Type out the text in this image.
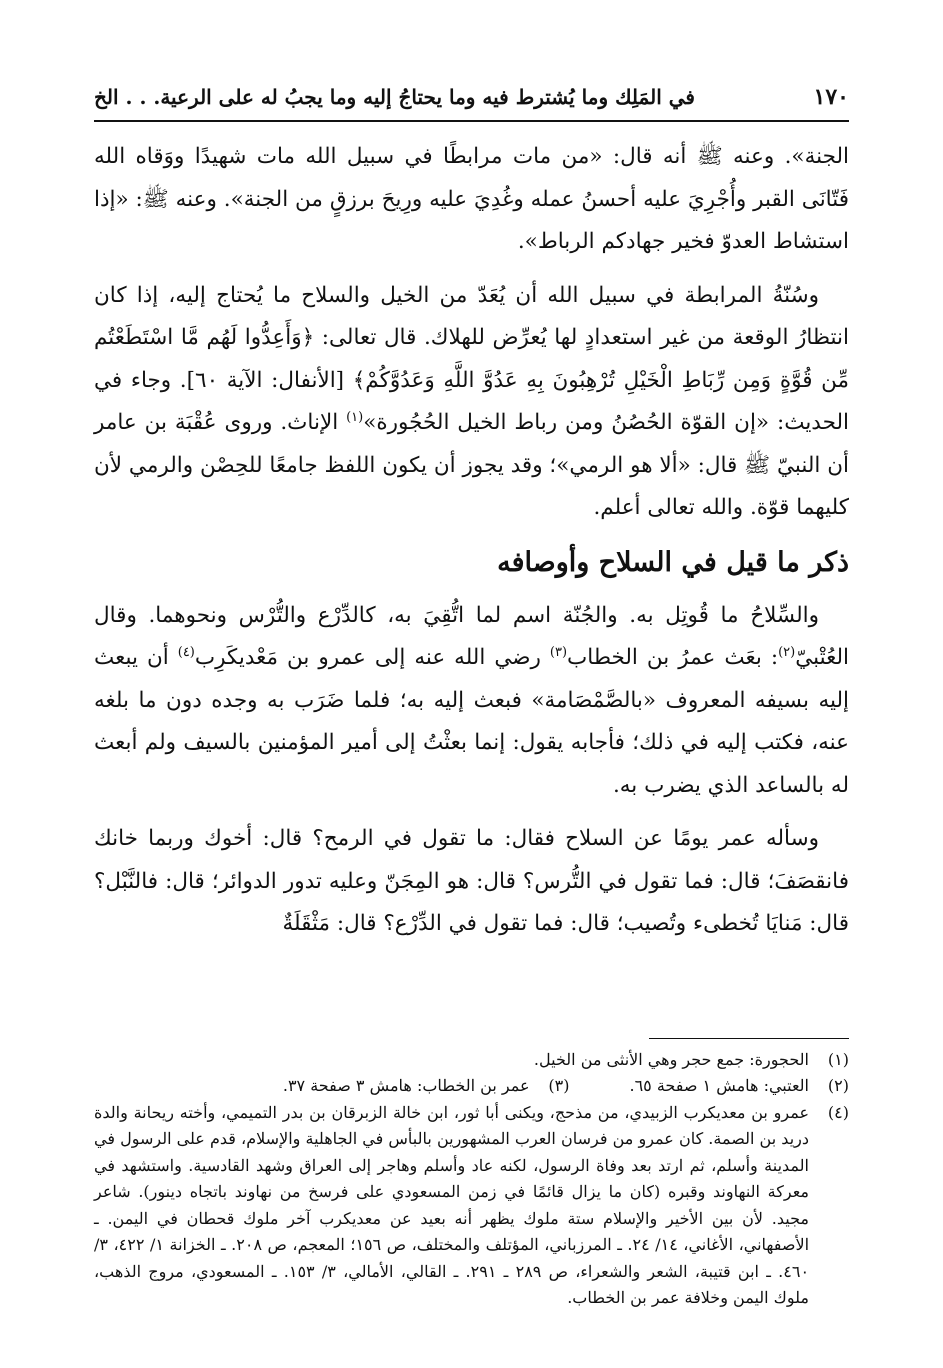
١٧٠
في المَلِك وما يُشترط فيه وما يحتاجُ إليه وما يجبُ له على الرعية. . . الخ

الجنة». وعنه ﷺ أنه قال: «من مات مرابطًا في سبيل الله مات شهيدًا ووَقاه الله فَتّانَى القبر وأُجْرِيَ عليه أحسنُ عمله وغُدِيَ عليه ورِيحَ برزقٍ من الجنة». وعنه ﷺ: «إذا استشاط العدوّ فخير جهادكم الرباط».

وسُنّةُ المرابطة في سبيل الله أن يُعَدّ من الخيل والسلاح ما يُحتاج إليه، إذا كان انتظارُ الوقعة من غير استعدادٍ لها يُعرِّض للهلاك. قال تعالى: ﴿وَأَعِدُّوا لَهُم مَّا اسْتَطَعْتُم مِّن قُوَّةٍ وَمِن رِّبَاطِ الْخَيْلِ تُرْهِبُونَ بِهِ عَدُوَّ اللَّهِ وَعَدُوَّكُمْ﴾ [الأنفال: الآية ٦٠]. وجاء في الحديث: «إن القوّة الحُصُنُ ومن رباط الخيل الحُجُورة»$^{(١)}$ الإناث. وروى عُقْبَة بن عامر أن النبيّ ﷺ قال: «ألا هو الرمي»؛ وقد يجوز أن يكون اللفظ جامعًا للحِصْن والرمي لأن كليهما قوّة. والله تعالى أعلم.

ذكر ما قيل في السلاح وأوصافه

والسِّلاحُ ما قُوتِل به. والجُنّة اسم لما اتُّقِيَ به، كالدِّرْع والتُّرْس ونحوهما. وقال العُتْبيّ$^{(٢)}$: بعَث عمرُ بن الخطاب$^{(٣)}$ رضي الله عنه إلى عمرو بن مَعْديكَرِب$^{(٤)}$ أن يبعث إليه بسيفه المعروف «بالصَّمْصَامة» فبعث إليه به؛ فلما ضَرَب به وجده دون ما بلغه عنه، فكتب إليه في ذلك؛ فأجابه يقول: إنما بعثْتُ إلى أمير المؤمنين بالسيف ولم أبعث له بالساعد الذي يضرب به.

وسأله عمر يومًا عن السلاح فقال: ما تقول في الرمح؟ قال: أخوك وربما خانك فانقصَفَ؛ قال: فما تقول في التُّرس؟ قال: هو المِجَنّ وعليه تدور الدوائر؛ قال: فالنَّبْل؟ قال: مَنايَا تُخطىء وتُصيب؛ قال: فما تقول في الدِّرْع؟ قال: مَثْقَلَةٌ

(١)
الحجورة: جمع حجر وهي الأنثى من الخيل.
(٢)
العتبي: هامش ١ صفحة ٦٥.
(٣)
عمر بن الخطاب: هامش ٣ صفحة ٣٧.
(٤)
عمرو بن معديكرب الزبيدي، من مذحج، ويكنى أبا ثور، ابن خالة الزبرقان بن بدر التميمي، وأخته ريحانة والدة دريد بن الصمة. كان عمرو من فرسان العرب المشهورين بالبأس في الجاهلية والإسلام، قدم على الرسول في المدينة وأسلم، ثم ارتد بعد وفاة الرسول، لكنه عاد وأسلم وهاجر إلى العراق وشهد القادسية. واستشهد في معركة النهاوند وقبره (كان ما يزال قائمًا في زمن المسعودي على فرسخ من نهاوند باتجاه دينور). شاعر مجيد. لأن بين الأخير والإسلام ستة ملوك يظهر أنه بعيد عن معديكرب آخر ملوك قحطان في اليمن. ـ الأصفهاني، الأغاني، ١٤/ ٢٤. ـ المرزباني، المؤتلف والمختلف، ص ١٥٦؛ المعجم، ص ٢٠٨. ـ الخزانة ١/ ٤٢٢، ٣/ ٤٦٠. ـ ابن قتيبة، الشعر والشعراء، ص ٢٨٩ ـ ٢٩١. ـ القالي، الأمالي، ٣/ ١٥٣. ـ المسعودي، مروج الذهب، ملوك اليمن وخلافة عمر بن الخطاب.
